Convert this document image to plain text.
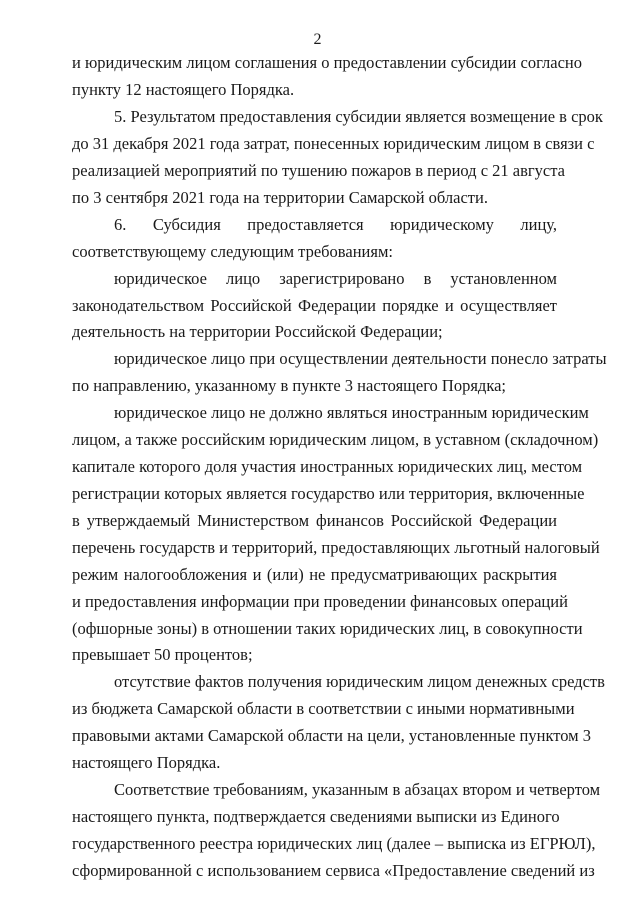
2
и юридическим лицом соглашения о предоставлении субсидии согласно
пункту 12 настоящего Порядка.
5. Результатом предоставления субсидии является возмещение в срок
до 31 декабря 2021 года затрат, понесенных юридическим лицом в связи с
реализацией мероприятий по тушению пожаров в период с 21 августа
по 3 сентября 2021 года на территории Самарской области.
6. Субсидия предоставляется юридическому лицу,
соответствующему следующим требованиям:
юридическое лицо зарегистрировано в установленном
законодательством Российской Федерации порядке и осуществляет
деятельность на территории Российской Федерации;
юридическое лицо при осуществлении деятельности понесло затраты
по направлению, указанному в пункте 3 настоящего Порядка;
юридическое лицо не должно являться иностранным юридическим
лицом, а также российским юридическим лицом, в уставном (складочном)
капитале которого доля участия иностранных юридических лиц, местом
регистрации которых является государство или территория, включенные
в утверждаемый Министерством финансов Российской Федерации
перечень государств и территорий, предоставляющих льготный налоговый
режим налогообложения и (или) не предусматривающих раскрытия
и предоставления информации при проведении финансовых операций
(офшорные зоны) в отношении таких юридических лиц, в совокупности
превышает 50 процентов;
отсутствие фактов получения юридическим лицом денежных средств
из бюджета Самарской области в соответствии с иными нормативными
правовыми актами Самарской области на цели, установленные пунктом 3
настоящего Порядка.
Соответствие требованиям, указанным в абзацах втором и четвертом
настоящего пункта, подтверждается сведениями выписки из Единого
государственного реестра юридических лиц (далее – выписка из ЕГРЮЛ),
сформированной с использованием сервиса «Предоставление сведений из
